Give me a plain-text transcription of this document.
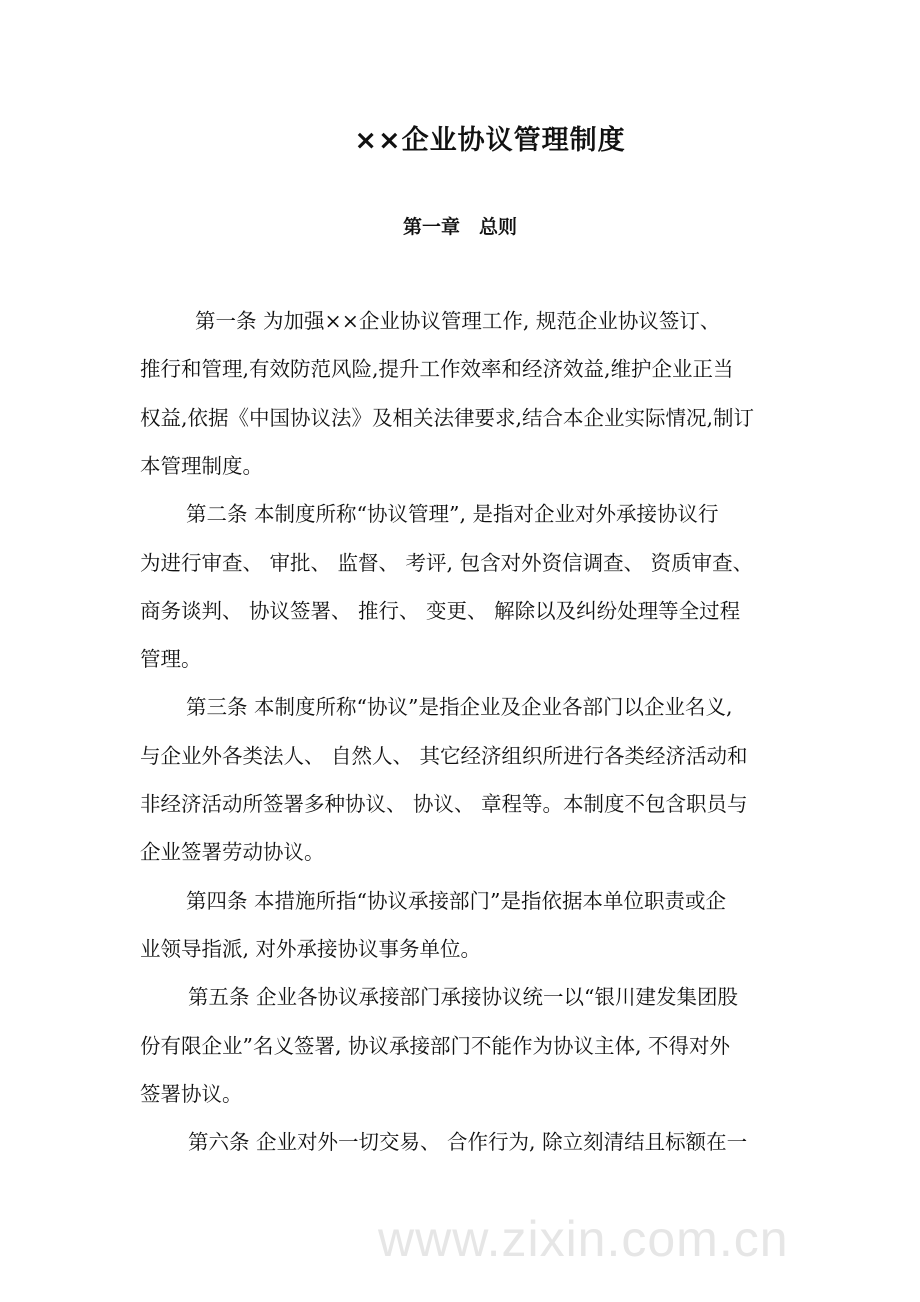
www.zixin.com.cn
××企业协议管理制度
第一章　总则
第一条 为加强××企业协议管理工作, 规范企业协议签订、
推行和管理,有效防范风险,提升工作效率和经济效益,维护企业正当
权益,依据《中国协议法》及相关法律要求,结合本企业实际情况,制订
本管理制度。
第二条 本制度所称“协议管理”, 是指对企业对外承接协议行
为进行审查、 审批、 监督、 考评, 包含对外资信调查、 资质审查、
商务谈判、 协议签署、 推行、 变更、 解除以及纠纷处理等全过程
管理。
第三条 本制度所称“协议”是指企业及企业各部门以企业名义,
与企业外各类法人、 自然人、 其它经济组织所进行各类经济活动和
非经济活动所签署多种协议、 协议、 章程等。本制度不包含职员与
企业签署劳动协议。
第四条 本措施所指“协议承接部门”是指依据本单位职责或企
业领导指派, 对外承接协议事务单位。
第五条 企业各协议承接部门承接协议统一以“银川建发集团股
份有限企业”名义签署, 协议承接部门不能作为协议主体, 不得对外
签署协议。
第六条 企业对外一切交易、 合作行为, 除立刻清结且标额在一
